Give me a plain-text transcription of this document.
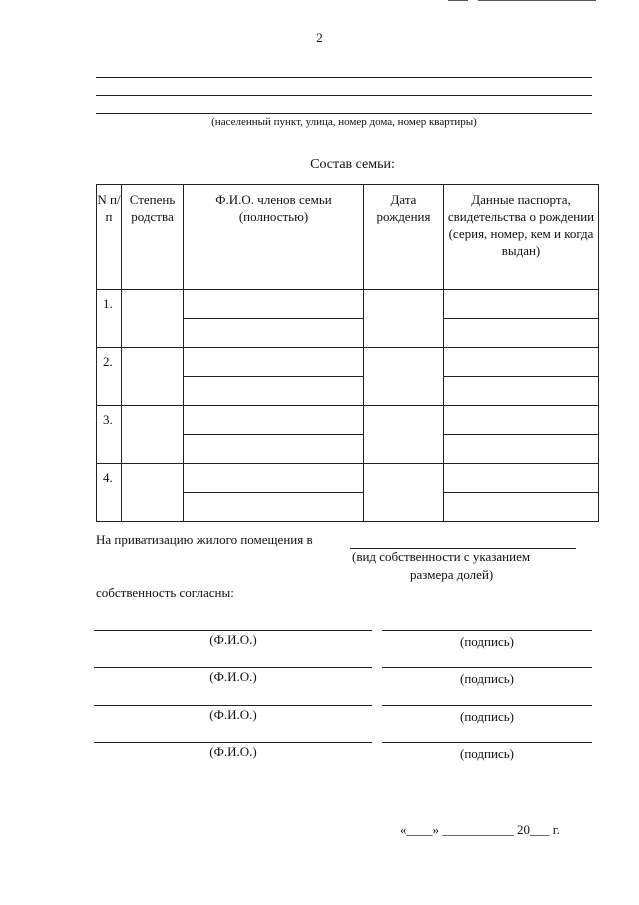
2
(населенный пункт, улица, номер дома, номер квартиры)
Состав семьи:
N п/п	Степень родства	Ф.И.О. членов семьи (полностью)	Дата рождения	Данные паспорта, свидетельства о рождении (серия, номер, кем и когда выдан)
1.				

2.				

3.				

4.				

На приватизацию жилого помещения в
(вид собственности с указанием
размера долей)
собственность согласны:
(Ф.И.О.)	(подпись)
(Ф.И.О.)	(подпись)
(Ф.И.О.)	(подпись)
(Ф.И.О.)	(подпись)
«____» ___________ 20___ г.
